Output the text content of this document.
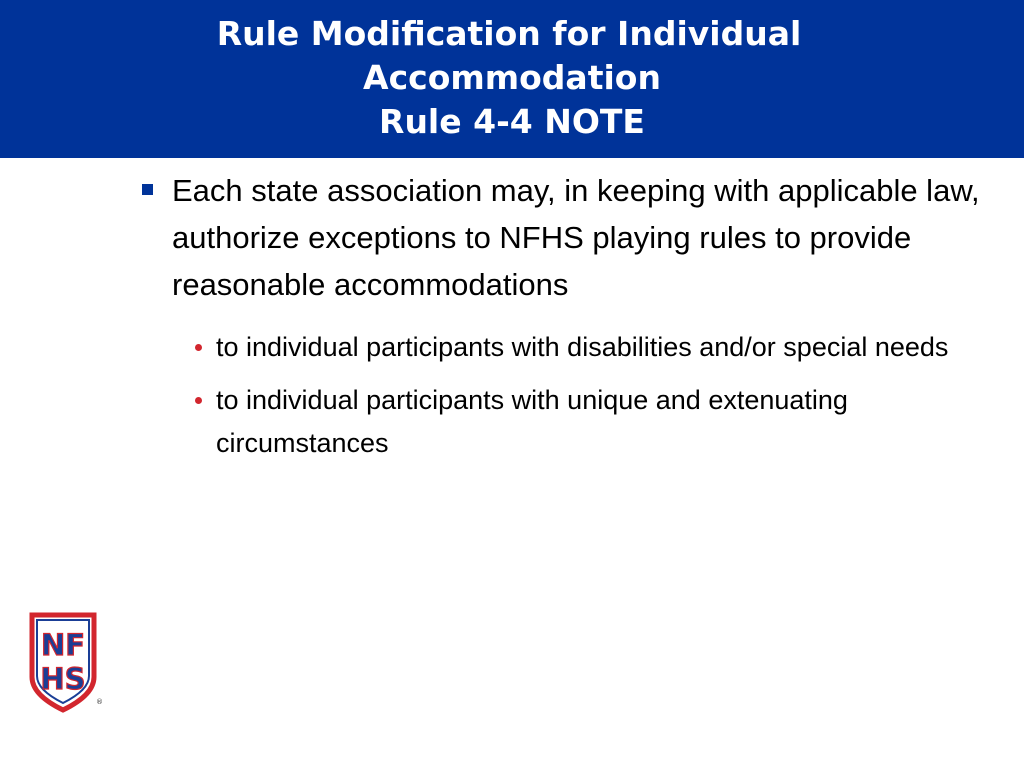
Rule Modification for Individual
Accommodation
Rule 4-4 NOTE
Each state association may, in keeping with applicable law, authorize exceptions to NFHS playing rules to provide reasonable accommodations
to individual participants with disabilities and/or special needs
to individual participants with unique and extenuating circumstances
NF
HS
®
